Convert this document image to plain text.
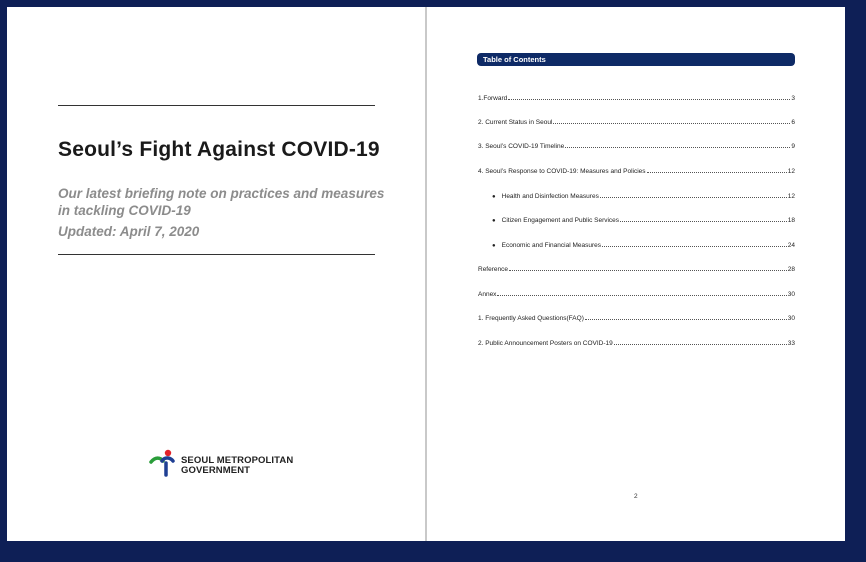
Seoul’s Fight Against COVID-19
Our latest briefing note on practices and measures in tackling COVID-19
Updated: April 7, 2020
SEOUL METROPOLITAN
GOVERNMENT
Table of Contents
1.Forward	3
2. Current Status in Seoul	6
3. Seoul’s COVID-19 Timeline	9
4. Seoul’s Response to COVID-19: Measures and Policies	12
● Health and Disinfection Measures	12
● Citizen Engagement and Public Services	18
● Economic and Financial Measures	24
Reference	28
Annex	30
1. Frequently Asked Questions(FAQ)	30
2. Public Announcement Posters on COVID-19	33
2
